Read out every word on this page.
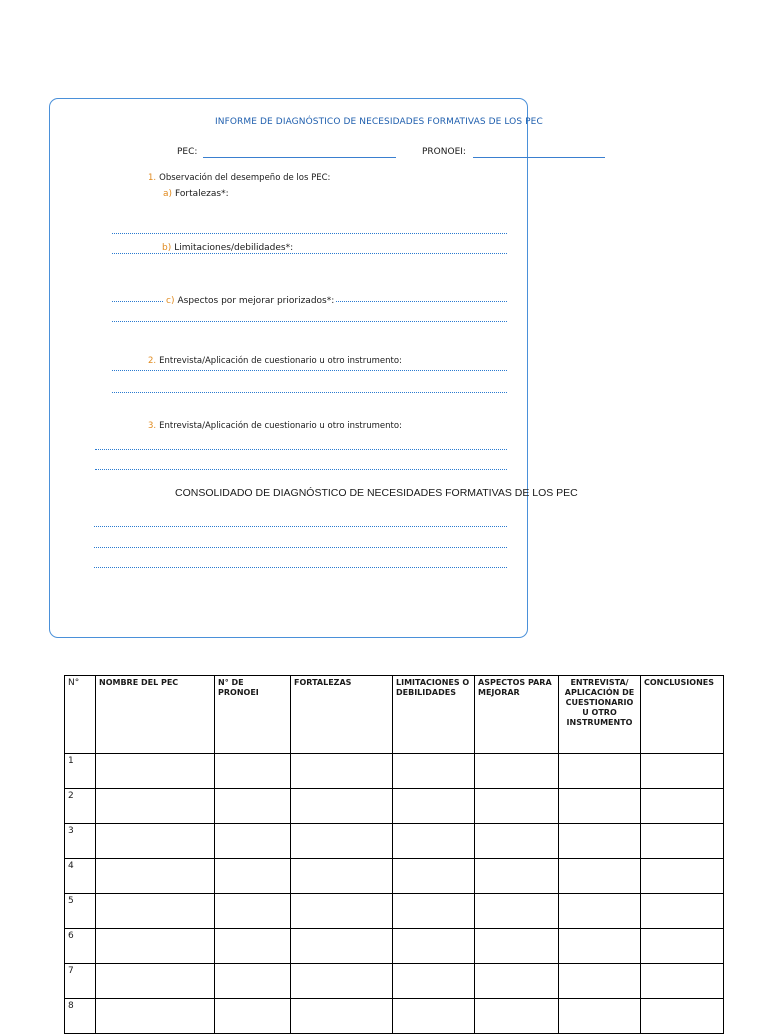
INFORME DE DIAGNÓSTICO DE NECESIDADES FORMATIVAS DE LOS PEC
PEC:	PRONOEI:
1. Observación del desempeño de los PEC:
a) Fortalezas*:
b) Limitaciones/debilidades*:
c) Aspectos por mejorar priorizados*:
2. Entrevista/Aplicación de cuestionario u otro instrumento:
3. Entrevista/Aplicación de cuestionario u otro instrumento:
CONSOLIDADO DE DIAGNÓSTICO DE NECESIDADES FORMATIVAS DE LOS PEC
N°	NOMBRE DEL PEC	N° DE PRONOEI	FORTALEZAS	LIMITACIONES O DEBILIDADES	ASPECTOS PARA MEJORAR	ENTREVISTA/ APLICACIÓN DE CUESTIONARIO U OTRO INSTRUMENTO	CONCLUSIONES
1							
2							
3							
4							
5							
6							
7							
8							
